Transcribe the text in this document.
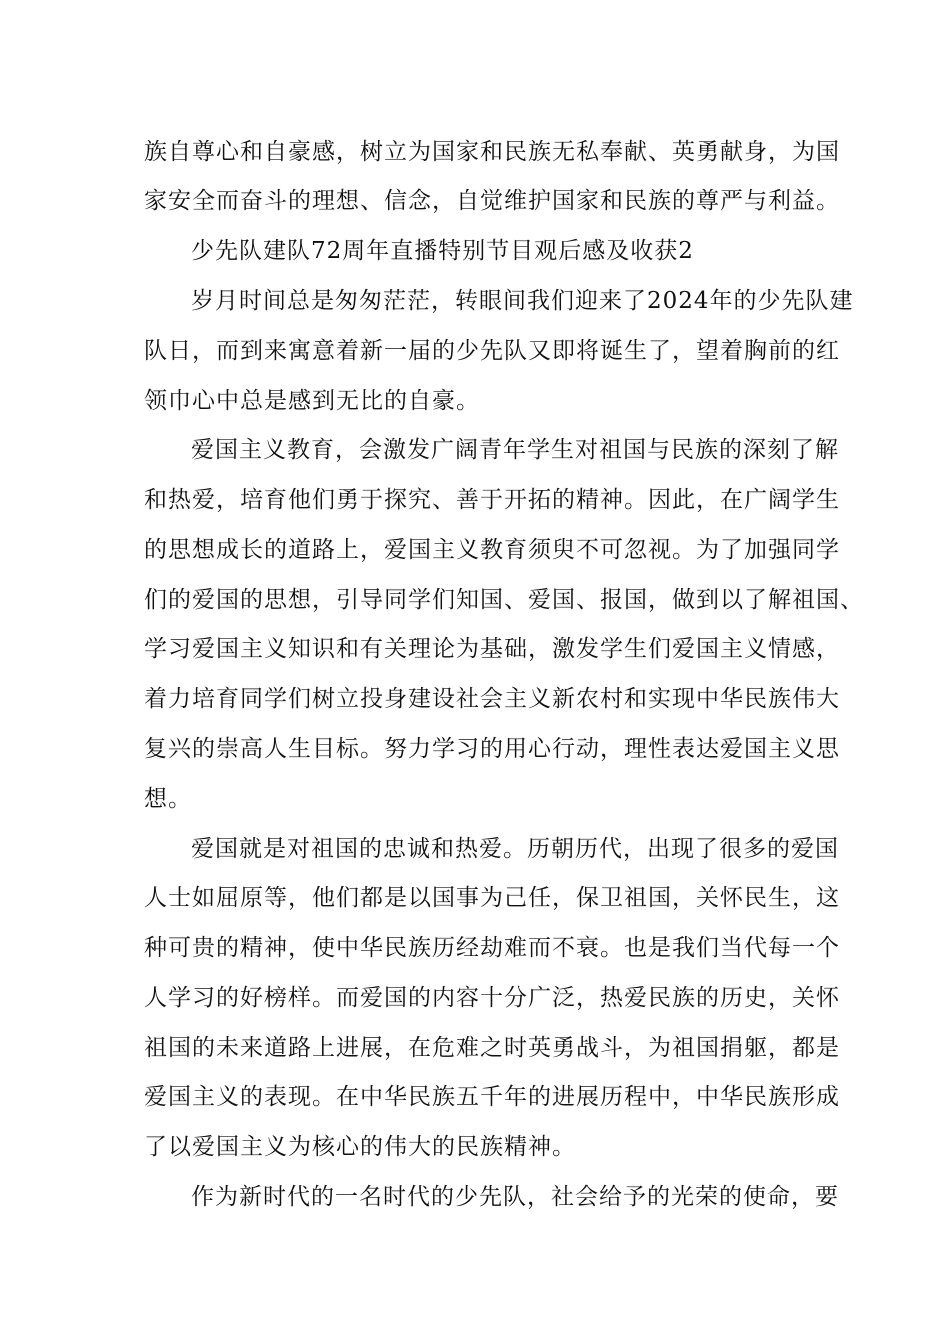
族自尊心和自豪感，树立为国家和民族无私奉献、英勇献身，为国
家安全而奋斗的理想、信念，自觉维护国家和民族的尊严与利益。
少先队建队72周年直播特别节目观后感及收获2
岁月时间总是匆匆茫茫，转眼间我们迎来了2024年的少先队建
队日，而到来寓意着新一届的少先队又即将诞生了，望着胸前的红
领巾心中总是感到无比的自豪。
爱国主义教育，会激发广阔青年学生对祖国与民族的深刻了解
和热爱，培育他们勇于探究、善于开拓的精神。因此，在广阔学生
的思想成长的道路上，爱国主义教育须臾不可忽视。为了加强同学
们的爱国的思想，引导同学们知国、爱国、报国，做到以了解祖国、
学习爱国主义知识和有关理论为基础，激发学生们爱国主义情感，
着力培育同学们树立投身建设社会主义新农村和实现中华民族伟大
复兴的崇高人生目标。努力学习的用心行动，理性表达爱国主义思
想。
爱国就是对祖国的忠诚和热爱。历朝历代，出现了很多的爱国
人士如屈原等，他们都是以国事为己任，保卫祖国，关怀民生，这
种可贵的精神，使中华民族历经劫难而不衰。也是我们当代每一个
人学习的好榜样。而爱国的内容十分广泛，热爱民族的历史，关怀
祖国的未来道路上进展，在危难之时英勇战斗，为祖国捐躯，都是
爱国主义的表现。在中华民族五千年的进展历程中，中华民族形成
了以爱国主义为核心的伟大的民族精神。
作为新时代的一名时代的少先队，社会给予的光荣的使命，要
